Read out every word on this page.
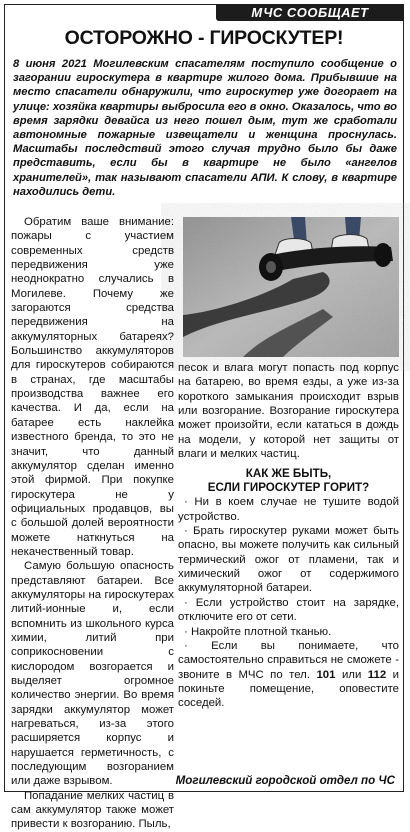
МЧС СООБЩАЕТ
ОСТОРОЖНО - ГИРОСКУТЕР!

8 июня 2021 Могилевским спасателям поступило сообщение о загорании гироскутера в квартире жилого дома. Прибывшие на место спасатели обнаружили, что гироскутер уже догорает на улице: хозяйка квартиры выбросила его в окно. Оказалось, что во время зарядки девайса из него пошел дым, тут же сработали автономные пожарные извещатели и женщина проснулась. Масштабы последствий этого случая трудно было бы даже представить, если бы в квартире не было «ангелов хранителей», так называют спасатели АПИ. К слову, в квартире находились дети.

Обратим ваше внимание: пожары с участием современных средств передвижения уже неоднократно случались в Могилеве. Почему же загораются средства передвижения на аккумуляторных батареях? Большинство аккумуляторов для гироскутеров собираются в странах, где масштабы производства важнее его качества. И да, если на батарее есть наклейка известного бренда, то это не значит, что данный аккумулятор сделан именно этой фирмой. При покупке гироскутера не у официальных продавцов, вы с большой долей вероятности можете наткнуться на некачественный товар.

Самую большую опасность представляют батареи. Все аккумуляторы на гироскутерах литий-ионные и, если вспомнить из школьного курса химии, литий при соприкосновении с кислородом возгорается и выделяет огромное количество энергии. Во время зарядки аккумулятор может нагреваться, из-за этого расширяется корпус и нарушается герметичность, с последующим возгоранием или даже взрывом.

Попадание мелких частиц в сам аккумулятор также может привести к возгоранию. Пыль,

песок и влага могут попасть под корпус на батарею, во время езды, а уже из-за короткого замыкания происходит взрыв или возгорание. Возгорание гироскутера может произойти, если кататься в дождь на модели, у которой нет защиты от влаги и мелких частиц.

КАК ЖЕ БЫТЬ,
ЕСЛИ ГИРОСКУТЕР ГОРИТ?

· Ни в коем случае не тушите водой устройство.

· Брать гироскутер руками может быть опасно, вы можете получить как сильный термический ожог от пламени, так и химический ожог от содержимого аккумуляторной батареи.

· Если устройство стоит на зарядке, отключите его от сети.

· Накройте плотной тканью.

· Если вы понимаете, что самостоятельно справиться не сможете - звоните в МЧС по тел. 101 или 112 и покиньте помещение, оповестите соседей.

Могилевский городской отдел по ЧС
